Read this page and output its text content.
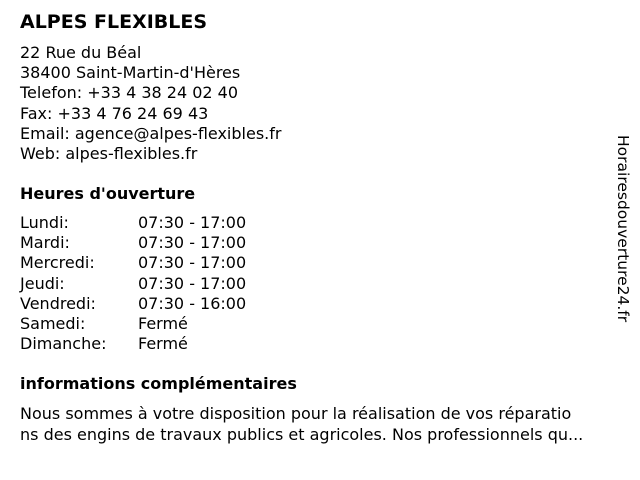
ALPES FLEXIBLES
22 Rue du Béal
38400 Saint-Martin-d'Hères
Telefon: +33 4 38 24 02 40
Fax: +33 4 76 24 69 43
Email: agence@alpes-flexibles.fr
Web: alpes-flexibles.fr
Heures d'ouverture
Lundi:	07:30 - 17:00
Mardi:	07:30 - 17:00
Mercredi:	07:30 - 17:00
Jeudi:	07:30 - 17:00
Vendredi:	07:30 - 16:00
Samedi:	Fermé
Dimanche:	Fermé
informations complémentaires
Nous sommes à votre disposition pour la réalisation de vos réparatio
ns des engins de travaux publics et agricoles. Nos professionnels qu...
Horairesdouverture24.fr
